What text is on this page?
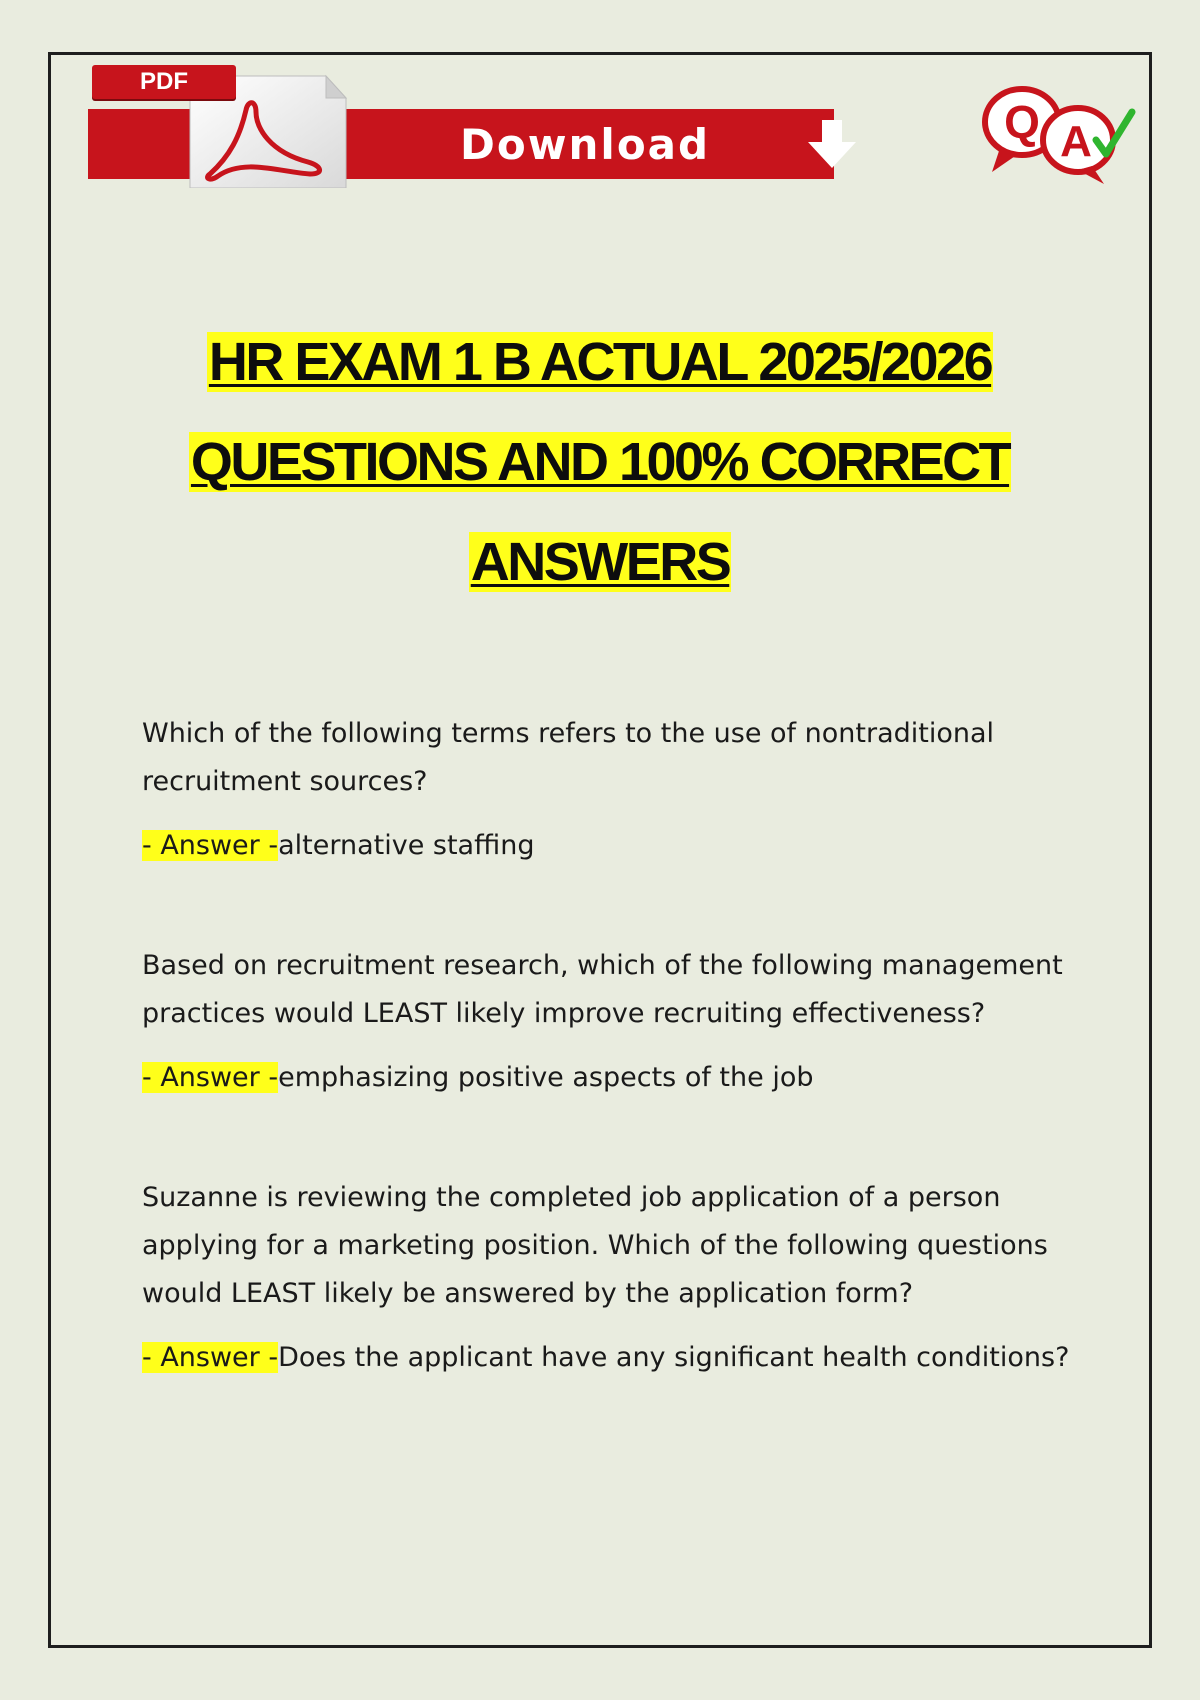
PDF
Download	Q A
HR EXAM 1 B ACTUAL 2025/2026
QUESTIONS AND 100% CORRECT
ANSWERS

Which of the following terms refers to the use of nontraditional recruitment sources?

- Answer -alternative staffing

Based on recruitment research, which of the following management practices would LEAST likely improve recruiting effectiveness?

- Answer -emphasizing positive aspects of the job

Suzanne is reviewing the completed job application of a person applying for a marketing position. Which of the following questions would LEAST likely be answered by the application form?

- Answer -Does the applicant have any significant health conditions?
